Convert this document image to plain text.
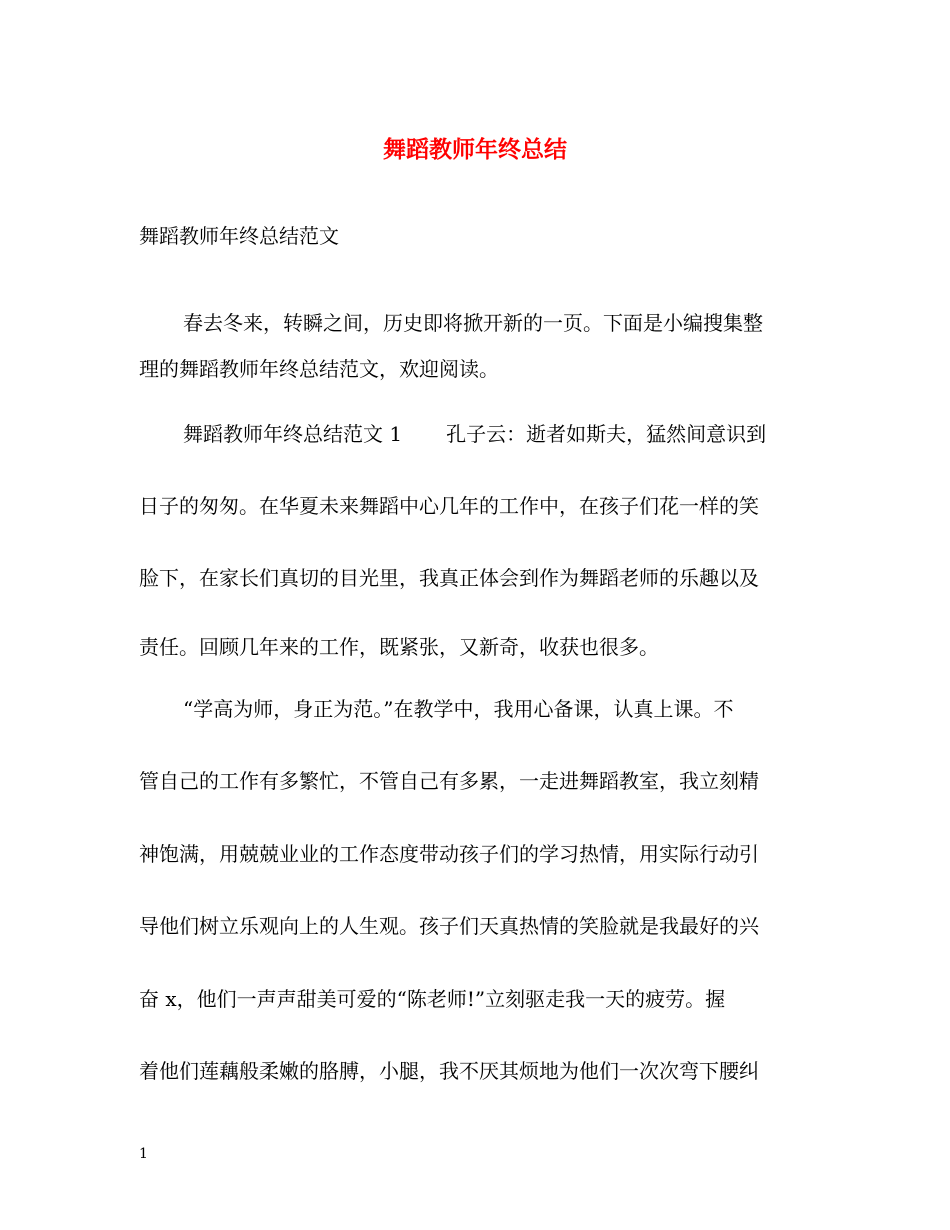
舞蹈教师年终总结
舞蹈教师年终总结范文
春去冬来，转瞬之间，历史即将掀开新的一页。下面是小编搜集整
理的舞蹈教师年终总结范文，欢迎阅读。
舞蹈教师年终总结范文 1 孔子云：逝者如斯夫，猛然间意识到
日子的匆匆。在华夏未来舞蹈中心几年的工作中，在孩子们花一样的笑
脸下，在家长们真切的目光里，我真正体会到作为舞蹈老师的乐趣以及
责任。回顾几年来的工作，既紧张，又新奇，收获也很多。
“学高为师，身正为范。”在教学中，我用心备课，认真上课。不
管自己的工作有多繁忙，不管自己有多累，一走进舞蹈教室，我立刻精
神饱满，用兢兢业业的工作态度带动孩子们的学习热情，用实际行动引
导他们树立乐观向上的人生观。孩子们天真热情的笑脸就是我最好的兴
奋 x，他们一声声甜美可爱的“陈老师!”立刻驱走我一天的疲劳。握
着他们莲藕般柔嫩的胳膊，小腿，我不厌其烦地为他们一次次弯下腰纠
1
